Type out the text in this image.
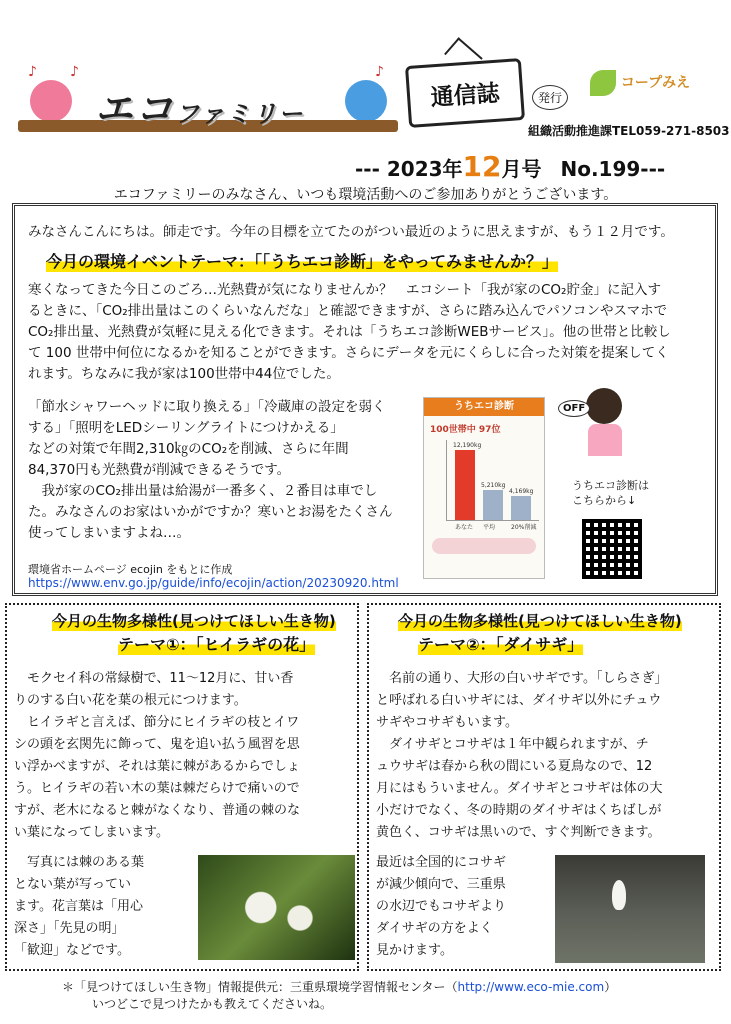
♪ ♪	♪
エコファミリー
通信誌	発行
コープみえ
組織活動推進課TEL059-271-8503
--- 2023年12月号 No.199---
エコファミリーのみなさん、いつも環境活動へのご参加ありがとうございます。
みなさんこんにちは。師走です。今年の目標を立てたのがつい最近のように思えますが、もう１２月です。
今月の環境イベントテーマ：「「うちエコ診断」をやってみませんか？」
寒くなってきた今日このごろ…光熱費が気になりませんか？　エコシート「我が家のCO₂貯金」に記入す
るときに、「CO₂排出量はこのくらいなんだな」と確認できますが、さらに踏み込んでパソコンやスマホで
CO₂排出量、光熱費が気軽に見える化できます。それは「うちエコ診断WEBサービス」。他の世帯と比較し
て 100 世帯中何位になるかを知ることができます。さらにデータを元にくらしに合った対策を提案してく
れます。ちなみに我が家は100世帯中44位でした。
「節水シャワーヘッドに取り換える」「冷蔵庫の設定を弱く
する」「照明をLEDシーリングライトにつけかえる」
などの対策で年間2,310㎏のCO₂を削減、さらに年間
84,370円も光熱費が削減できるそうです。
　我が家のCO₂排出量は給湯が一番多く、２番目は車でし
た。みなさんのお家はいかがですか？寒いとお湯をたくさん
使ってしまいますよね…。
環境省ホームページ ecojin をもとに作成
https://www.env.go.jp/guide/info/ecojin/action/20230920.html
うちエコ診断
100世帯中 97位
12,190kg
あなた
5,210kg
平均
4,169kg
20%削減
OFF
うちエコ診断は
こちらから↓
今月の生物多様性(見つけてほしい生き物)
テーマ①：「ヒイラギの花」
　モクセイ科の常緑樹で、11～12月に、甘い香
りのする白い花を葉の根元につけます。
　ヒイラギと言えば、節分にヒイラギの枝とイワ
シの頭を玄関先に飾って、鬼を追い払う風習を思
い浮かべますが、それは葉に棘があるからでしょ
う。ヒイラギの若い木の葉は棘だらけで痛いので
すが、老木になると棘がなくなり、普通の棘のな
い葉になってしまいます。
　写真には棘のある葉
とない葉が写ってい
ます。花言葉は「用心
深さ」「先見の明」
「歓迎」などです。
今月の生物多様性(見つけてほしい生き物)
テーマ②：「ダイサギ」
　名前の通り、大形の白いサギです。「しらさぎ」
と呼ばれる白いサギには、ダイサギ以外にチュウ
サギやコサギもいます。
　ダイサギとコサギは１年中観られますが、チ
ュウサギは春から秋の間にいる夏鳥なので、12
月にはもういません。ダイサギとコサギは体の大
小だけでなく、冬の時期のダイサギはくちばしが
黄色く、コサギは黒いので、すぐ判断できます。
最近は全国的にコサギ
が減少傾向で、三重県
の水辺でもコサギより
ダイサギの方をよく
見かけます。
＊「見つけてほしい生き物」情報提供元：三重県環境学習情報センター（http://www.eco-mie.com）
いつどこで見つけたかも教えてくださいね。
